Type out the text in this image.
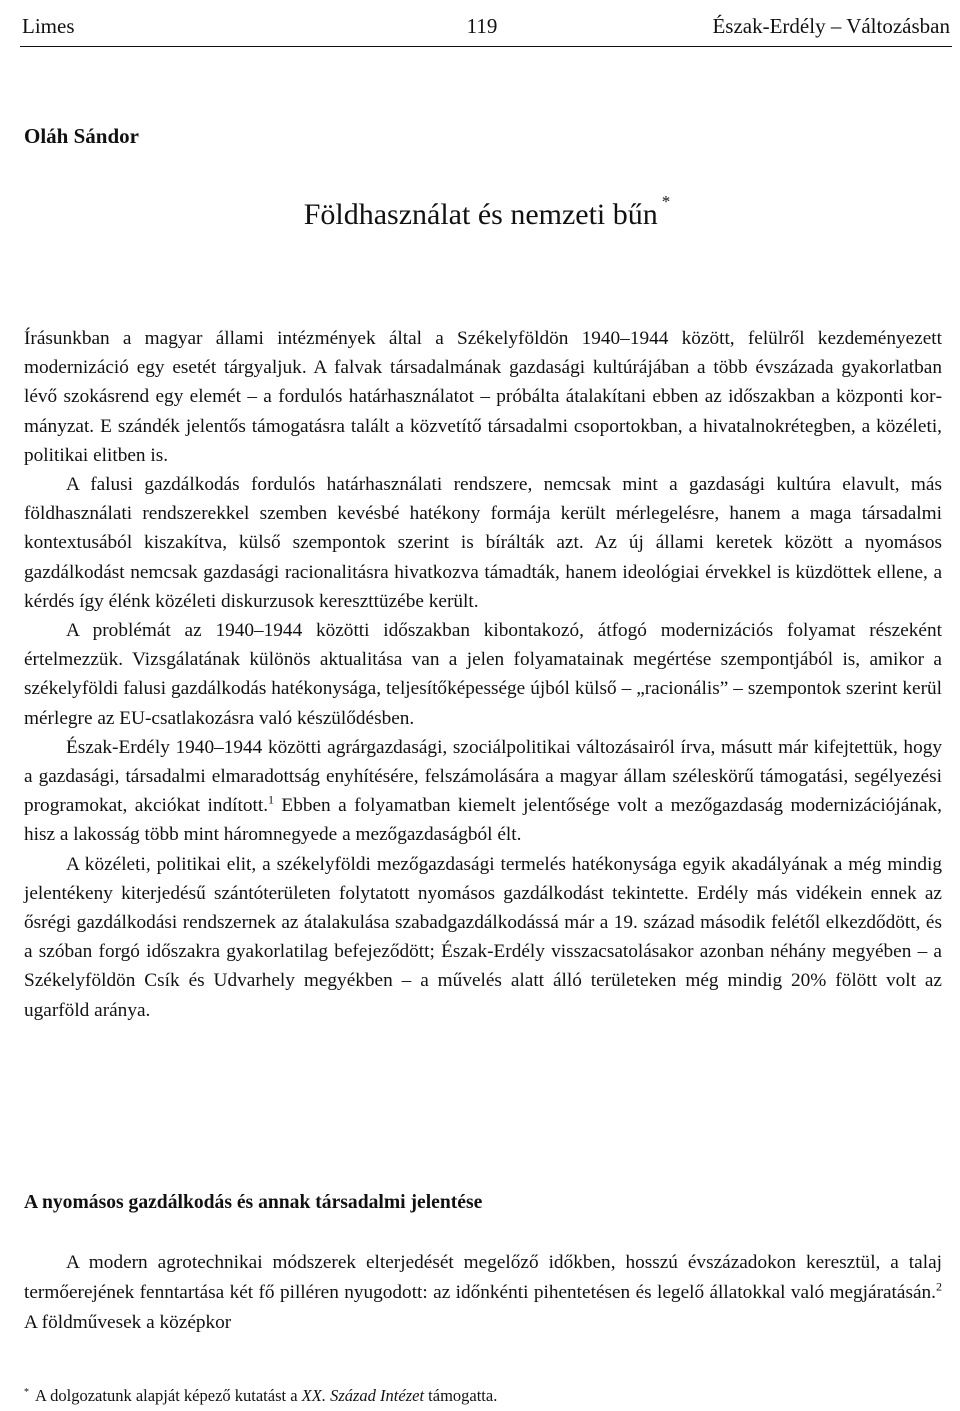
Limes	119	Észak-Erdély – Változásban
Oláh Sándor
Földhasználat és nemzeti bűn *

Írásunkban a magyar állami intézmények által a Székelyföldön 1940–1944 között, felülről kezdeményezett modernizáció egy esetét tárgyaljuk. A falvak társadalmának gazdasági kultúrájában a több évszázada gyakorlatban lévő szokásrend egy elemét – a fordulós határhasználatot – próbálta átalakítani ebben az időszakban a központi kormányzat. E szándék jelentős támogatásra talált a közvetítő társadalmi csoportokban, a hivatalnokrétegben, a közéleti, politikai elitben is.

A falusi gazdálkodás fordulós határhasználati rendszere, nemcsak mint a gazdasági kultúra elavult, más földhasználati rendszerekkel szemben kevésbé hatékony formája került mérlegelésre, hanem a maga társadalmi kontextusából kiszakítva, külső szempontok szerint is bírálták azt. Az új állami keretek között a nyomásos gazdálkodást nemcsak gazdasági racionalitásra hivatkozva támadták, hanem ideológiai érvekkel is küzdöttek ellene, a kérdés így élénk közéleti diskurzusok kereszttüzébe került.

A problémát az 1940–1944 közötti időszakban kibontakozó, átfogó modernizációs folyamat részeként értelmezzük. Vizsgálatának különös aktualitása van a jelen folyamatainak megértése szempontjából is, amikor a székelyföldi falusi gazdálkodás hatékonysága, teljesítőképessége újból külső – „racionális” – szempontok szerint kerül mérlegre az EU-csatlakozásra való készülődésben.

Észak-Erdély 1940–1944 közötti agrárgazdasági, szociálpolitikai változásairól írva, másutt már kifejtettük, hogy a gazdasági, társadalmi elmaradottság enyhítésére, felszámolására a magyar állam széleskörű támogatási, segélyezési programokat, akciókat indított.$^1$ Ebben a folyamatban kiemelt jelentősége volt a mezőgazdaság modernizációjának, hisz a lakosság több mint háromnegyede a mezőgazdaságból élt.

A közéleti, politikai elit, a székelyföldi mezőgazdasági termelés hatékonysága egyik akadályának a még mindig jelentékeny kiterjedésű szántóterületen folytatott nyomásos gazdálkodást tekintette. Erdély más vidékein ennek az ősrégi gazdálkodási rendszernek az átalakulása szabadgazdálkodássá már a 19. század második felétől elkezdődött, és a szóban forgó időszakra gyakorlatilag befejeződött; Észak-Erdély visszacsatolásakor azonban néhány megyében – a Székelyföldön Csík és Udvarhely megyékben – a művelés alatt álló területeken még mindig 20% fölött volt az ugarföld aránya.

A nyomásos gazdálkodás és annak társadalmi jelentése

A modern agrotechnikai módszerek elterjedését megelőző időkben, hosszú évszázadokon keresztül, a talaj termőerejének fenntartása két fő pilléren nyugodott: az időnkénti pihentetésen és legelő állatokkal való megjáratásán.$^2$ A földművesek a középkor

* A dolgozatunk alapját képező kutatást a XX. Század Intézet támogatta.
